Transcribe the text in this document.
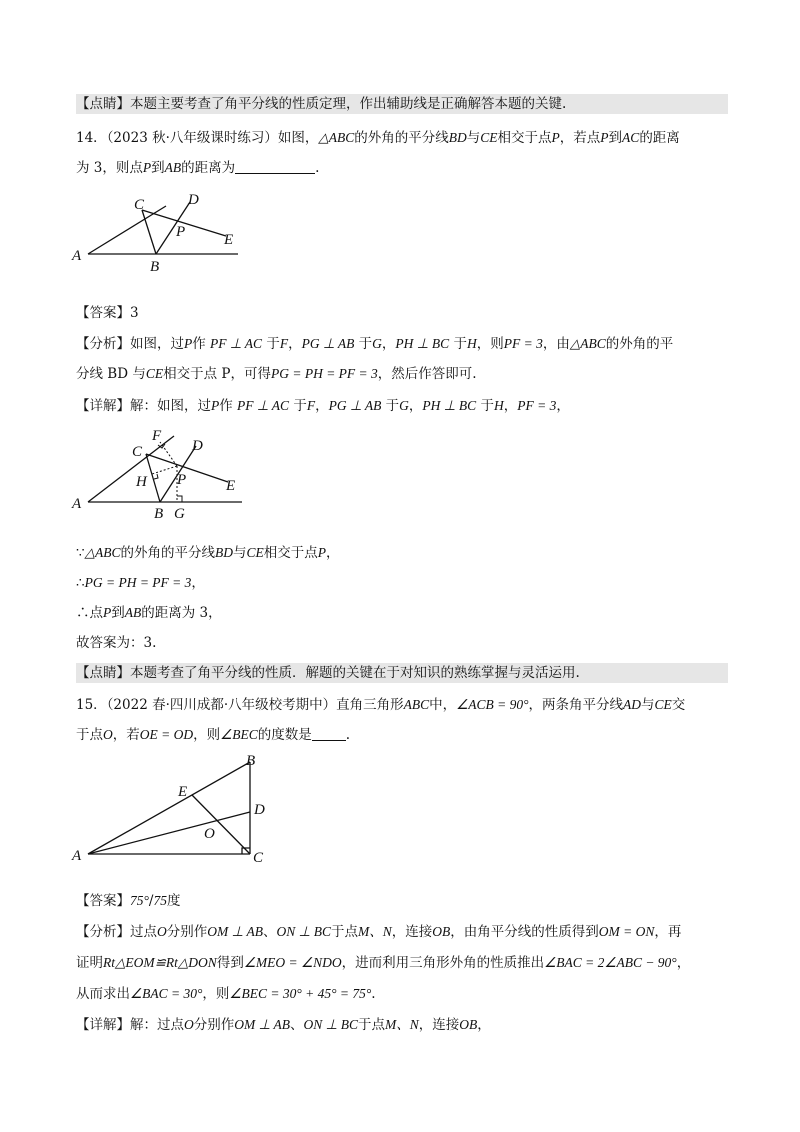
【点睛】本题主要考查了角平分线的性质定理，作出辅助线是正确解答本题的关键.
14．（2023 秋·八年级课时练习）如图，△ABC的外角的平分线BD与CE相交于点P，若点P到AC的距离
为 3，则点P到AB的距离为	.
C	D
P	E
A
B
【答案】3
【分析】如图，过P作 PF ⊥ AC 于F，PG ⊥ AB 于G，PH ⊥ BC 于H，则PF = 3，由△ABC的外角的平
分线 BD 与CE相交于点 P，可得PG = PH = PF = 3，然后作答即可.
【详解】解：如图，过P作 PF ⊥ AC 于F，PG ⊥ AB 于G，PH ⊥ BC 于H，PF = 3，
F
D
C
P
H	E
A
B G
∵△ABC的外角的平分线BD与CE相交于点P，
∴PG = PH = PF = 3，
∴点P到AB的距离为 3，
故答案为：3.
【点睛】本题考查了角平分线的性质．解题的关键在于对知识的熟练掌握与灵活运用.
15．（2022 春·四川成都·八年级校考期中）直角三角形ABC中，∠ACB = 90°，两条角平分线AD与CE交
于点O，若OE = OD，则∠BEC的度数是	.
B
E
D
O
A	C
【答案】75°/75度
【分析】过点O分别作OM ⊥ AB、ON ⊥ BC于点M、N，连接OB，由角平分线的性质得到OM = ON，再
证明Rt△EOM≌Rt△DON得到∠MEO = ∠NDO，进而利用三角形外角的性质推出∠BAC = 2∠ABC − 90°，
从而求出∠BAC = 30°，则∠BEC = 30° + 45° = 75°.
【详解】解：过点O分别作OM ⊥ AB、ON ⊥ BC于点M、N，连接OB，
